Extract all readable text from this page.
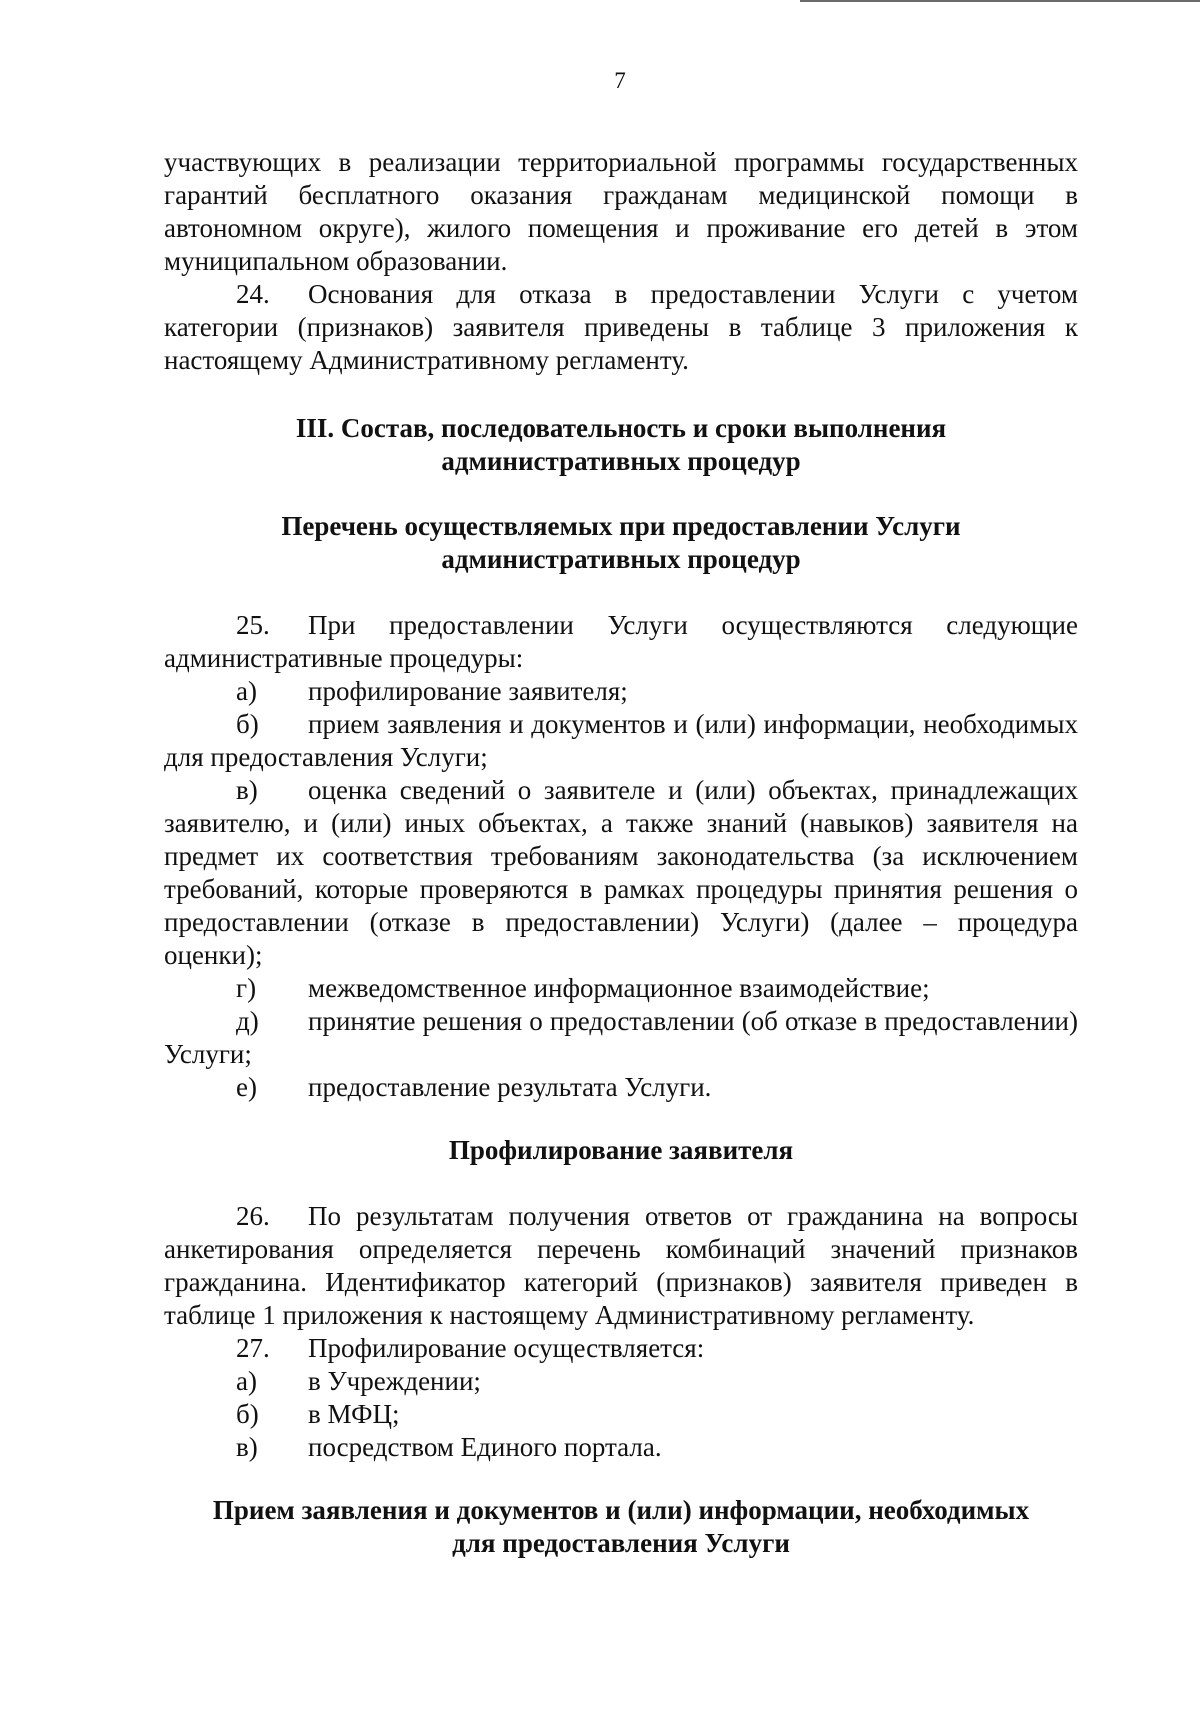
7

участвующих в реализации территориальной программы государственных гарантий бесплатного оказания гражданам медицинской помощи в автономном округе), жилого помещения и проживание его детей в этом муниципальном образовании.

24. Основания для отказа в предоставлении Услуги с учетом категории (признаков) заявителя приведены в таблице 3 приложения к настоящему Административному регламенту.

III. Состав, последовательность и сроки выполнения
административных процедур

Перечень осуществляемых при предоставлении Услуги
административных процедур

25. При предоставлении Услуги осуществляются следующие административные процедуры:

а) профилирование заявителя;

б) прием заявления и документов и (или) информации, необходимых для предоставления Услуги;

в) оценка сведений о заявителе и (или) объектах, принадлежащих заявителю, и (или) иных объектах, а также знаний (навыков) заявителя на предмет их соответствия требованиям законодательства (за исключением требований, которые проверяются в рамках процедуры принятия решения о предоставлении (отказе в предоставлении) Услуги) (далее – процедура оценки);

г) межведомственное информационное взаимодействие;

д) принятие решения о предоставлении (об отказе в предоставлении) Услуги;

е) предоставление результата Услуги.

Профилирование заявителя

26. По результатам получения ответов от гражданина на вопросы анкетирования определяется перечень комбинаций значений признаков гражданина. Идентификатор категорий (признаков) заявителя приведен в таблице 1 приложения к настоящему Административному регламенту.

27. Профилирование осуществляется:

а) в Учреждении;

б) в МФЦ;

в) посредством Единого портала.

Прием заявления и документов и (или) информации, необходимых
для предоставления Услуги
